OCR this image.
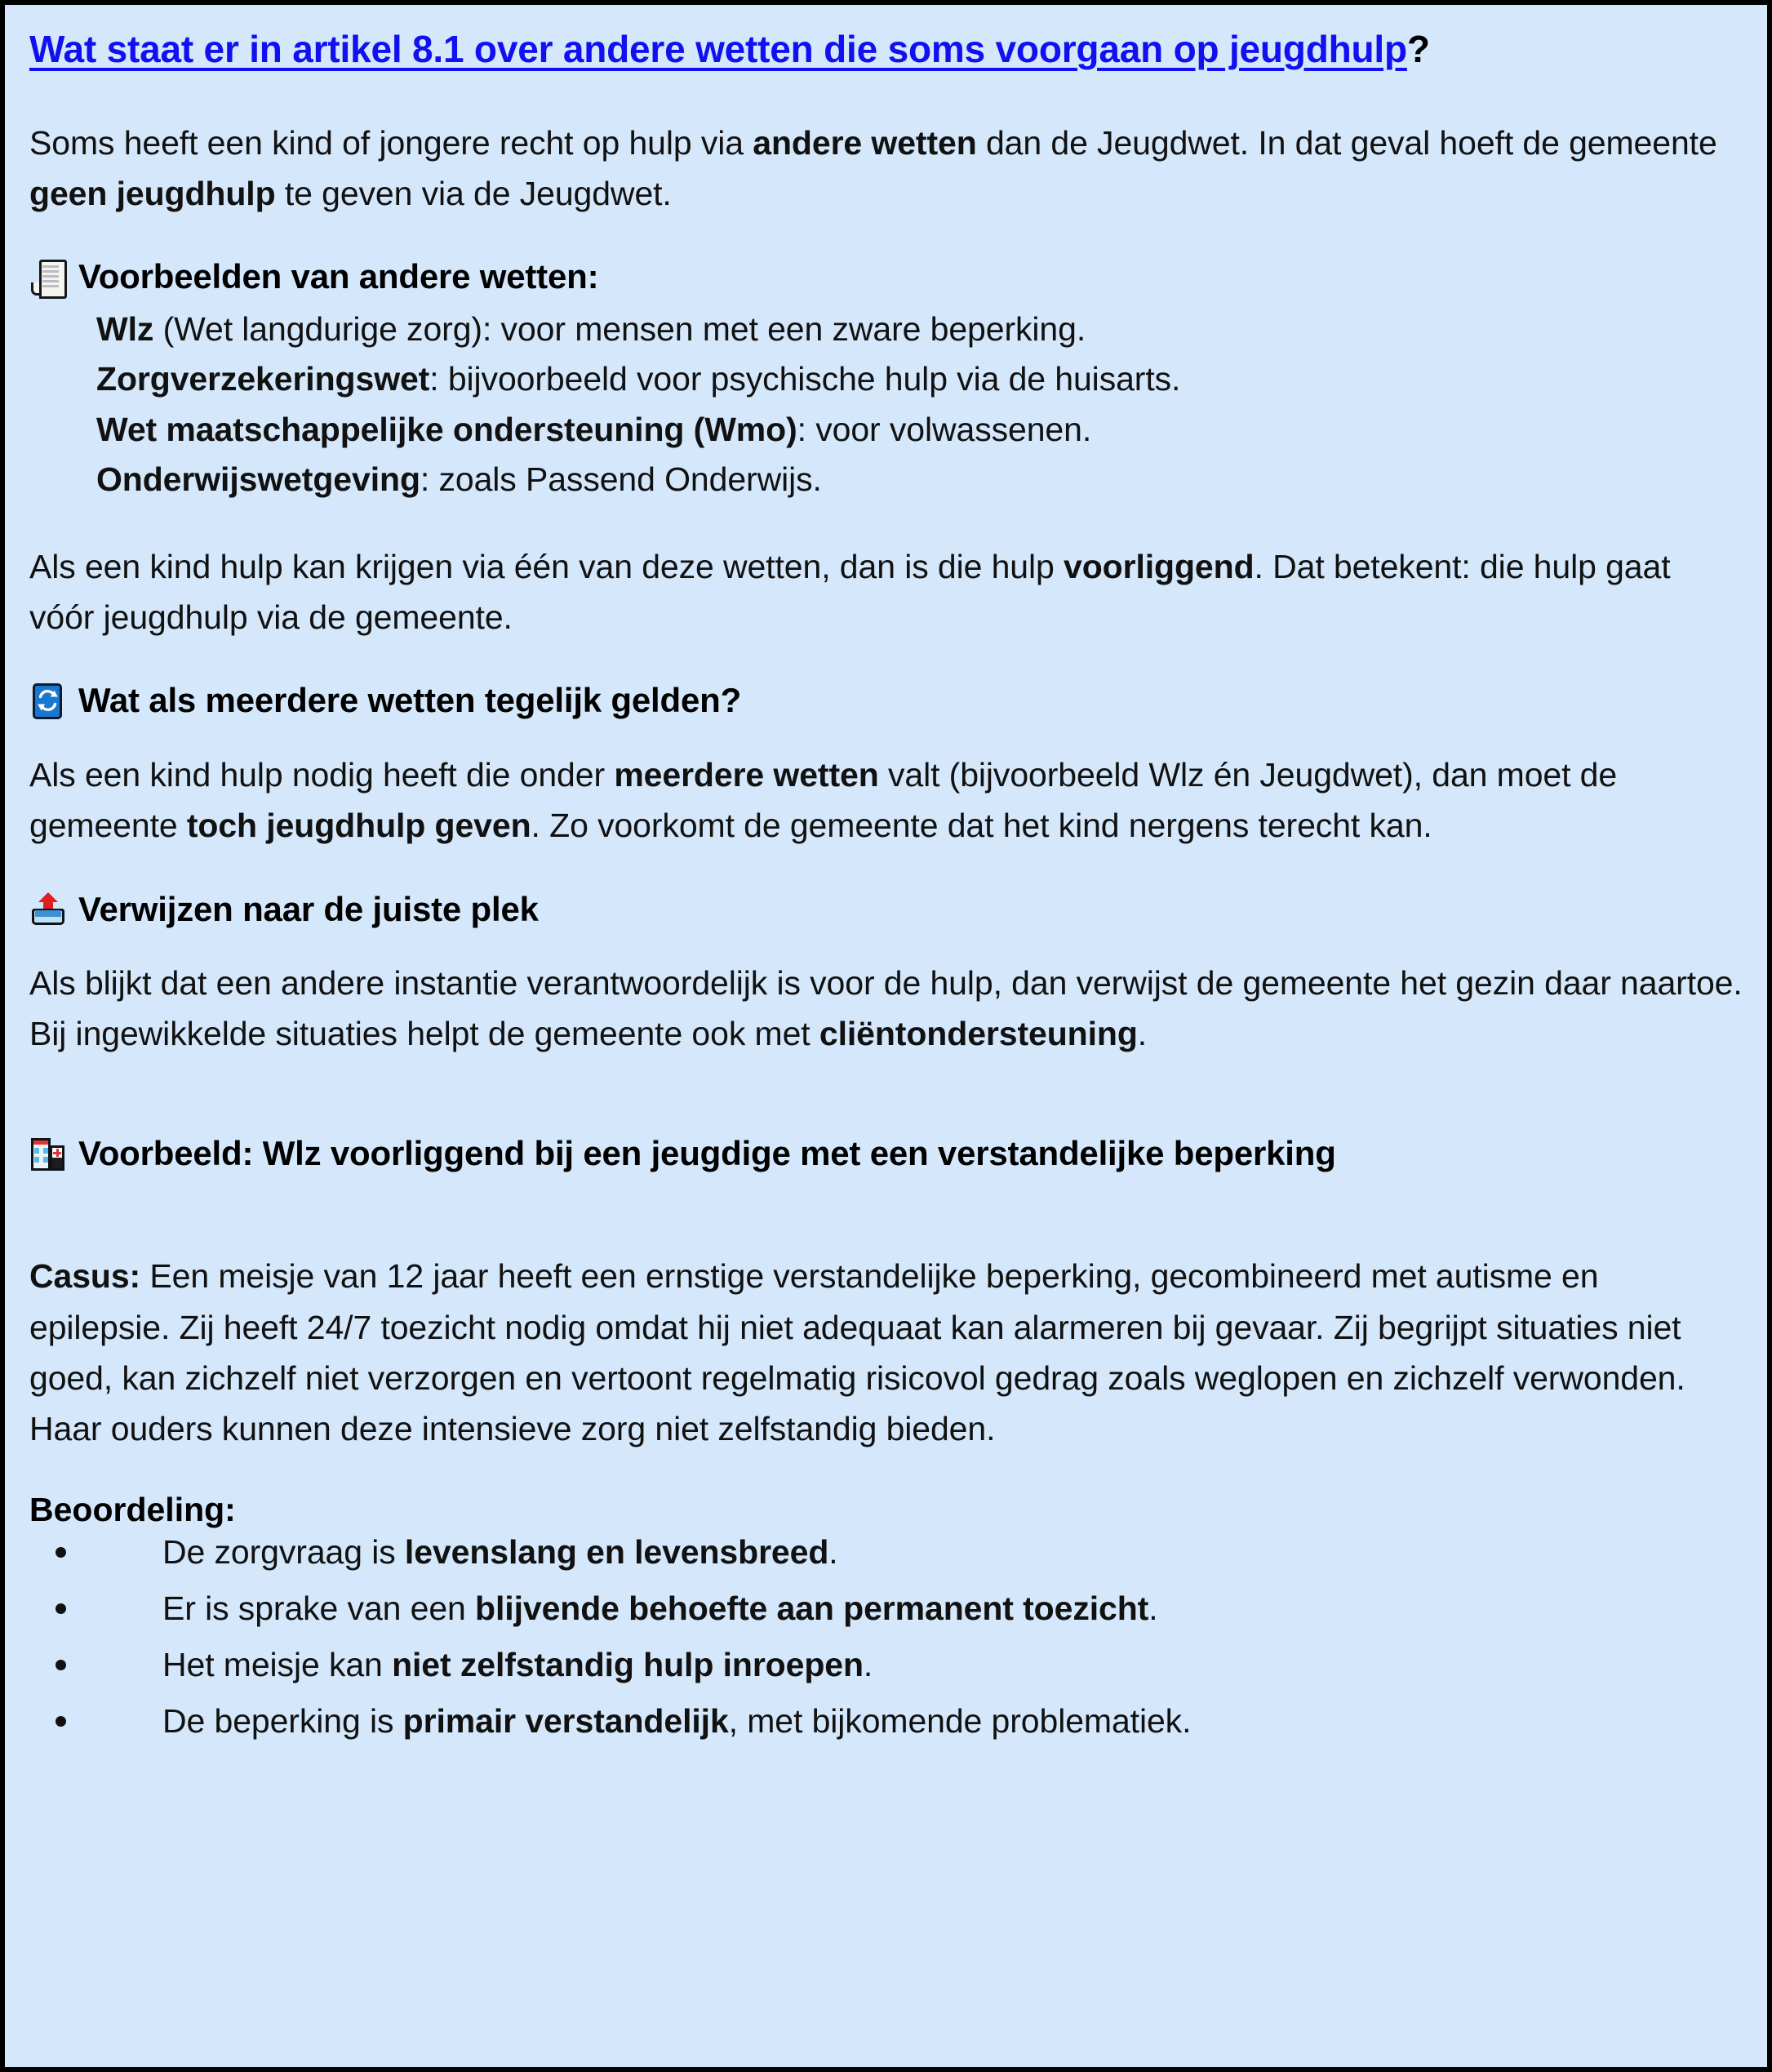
Wat staat er in artikel 8.1 over andere wetten die soms voorgaan op jeugdhulp?

Soms heeft een kind of jongere recht op hulp via andere wetten dan de Jeugdwet. In dat geval hoeft de gemeente geen jeugdhulp te geven via de Jeugdwet.

Voorbeelden van andere wetten:
Wlz (Wet langdurige zorg): voor mensen met een zware beperking.
Zorgverzekeringswet: bijvoorbeeld voor psychische hulp via de huisarts.
Wet maatschappelijke ondersteuning (Wmo): voor volwassenen.
Onderwijswetgeving: zoals Passend Onderwijs.

Als een kind hulp kan krijgen via één van deze wetten, dan is die hulp voorliggend. Dat betekent: die hulp gaat vóór jeugdhulp via de gemeente.

Wat als meerdere wetten tegelijk gelden?

Als een kind hulp nodig heeft die onder meerdere wetten valt (bijvoorbeeld Wlz én Jeugdwet), dan moet de gemeente toch jeugdhulp geven. Zo voorkomt de gemeente dat het kind nergens terecht kan.

Verwijzen naar de juiste plek

Als blijkt dat een andere instantie verantwoordelijk is voor de hulp, dan verwijst de gemeente het gezin daar naartoe. Bij ingewikkelde situaties helpt de gemeente ook met cliëntondersteuning.

Voorbeeld: Wlz voorliggend bij een jeugdige met een verstandelijke beperking

Casus: Een meisje van 12 jaar heeft een ernstige verstandelijke beperking, gecombineerd met autisme en epilepsie. Zij heeft 24/7 toezicht nodig omdat hij niet adequaat kan alarmeren bij gevaar. Zij begrijpt situaties niet goed, kan zichzelf niet verzorgen en vertoont regelmatig risicovol gedrag zoals weglopen en zichzelf verwonden. Haar ouders kunnen deze intensieve zorg niet zelfstandig bieden.

Beoordeling:
De zorgvraag is levenslang en levensbreed.
Er is sprake van een blijvende behoefte aan permanent toezicht.
Het meisje kan niet zelfstandig hulp inroepen.
De beperking is primair verstandelijk, met bijkomende problematiek.
